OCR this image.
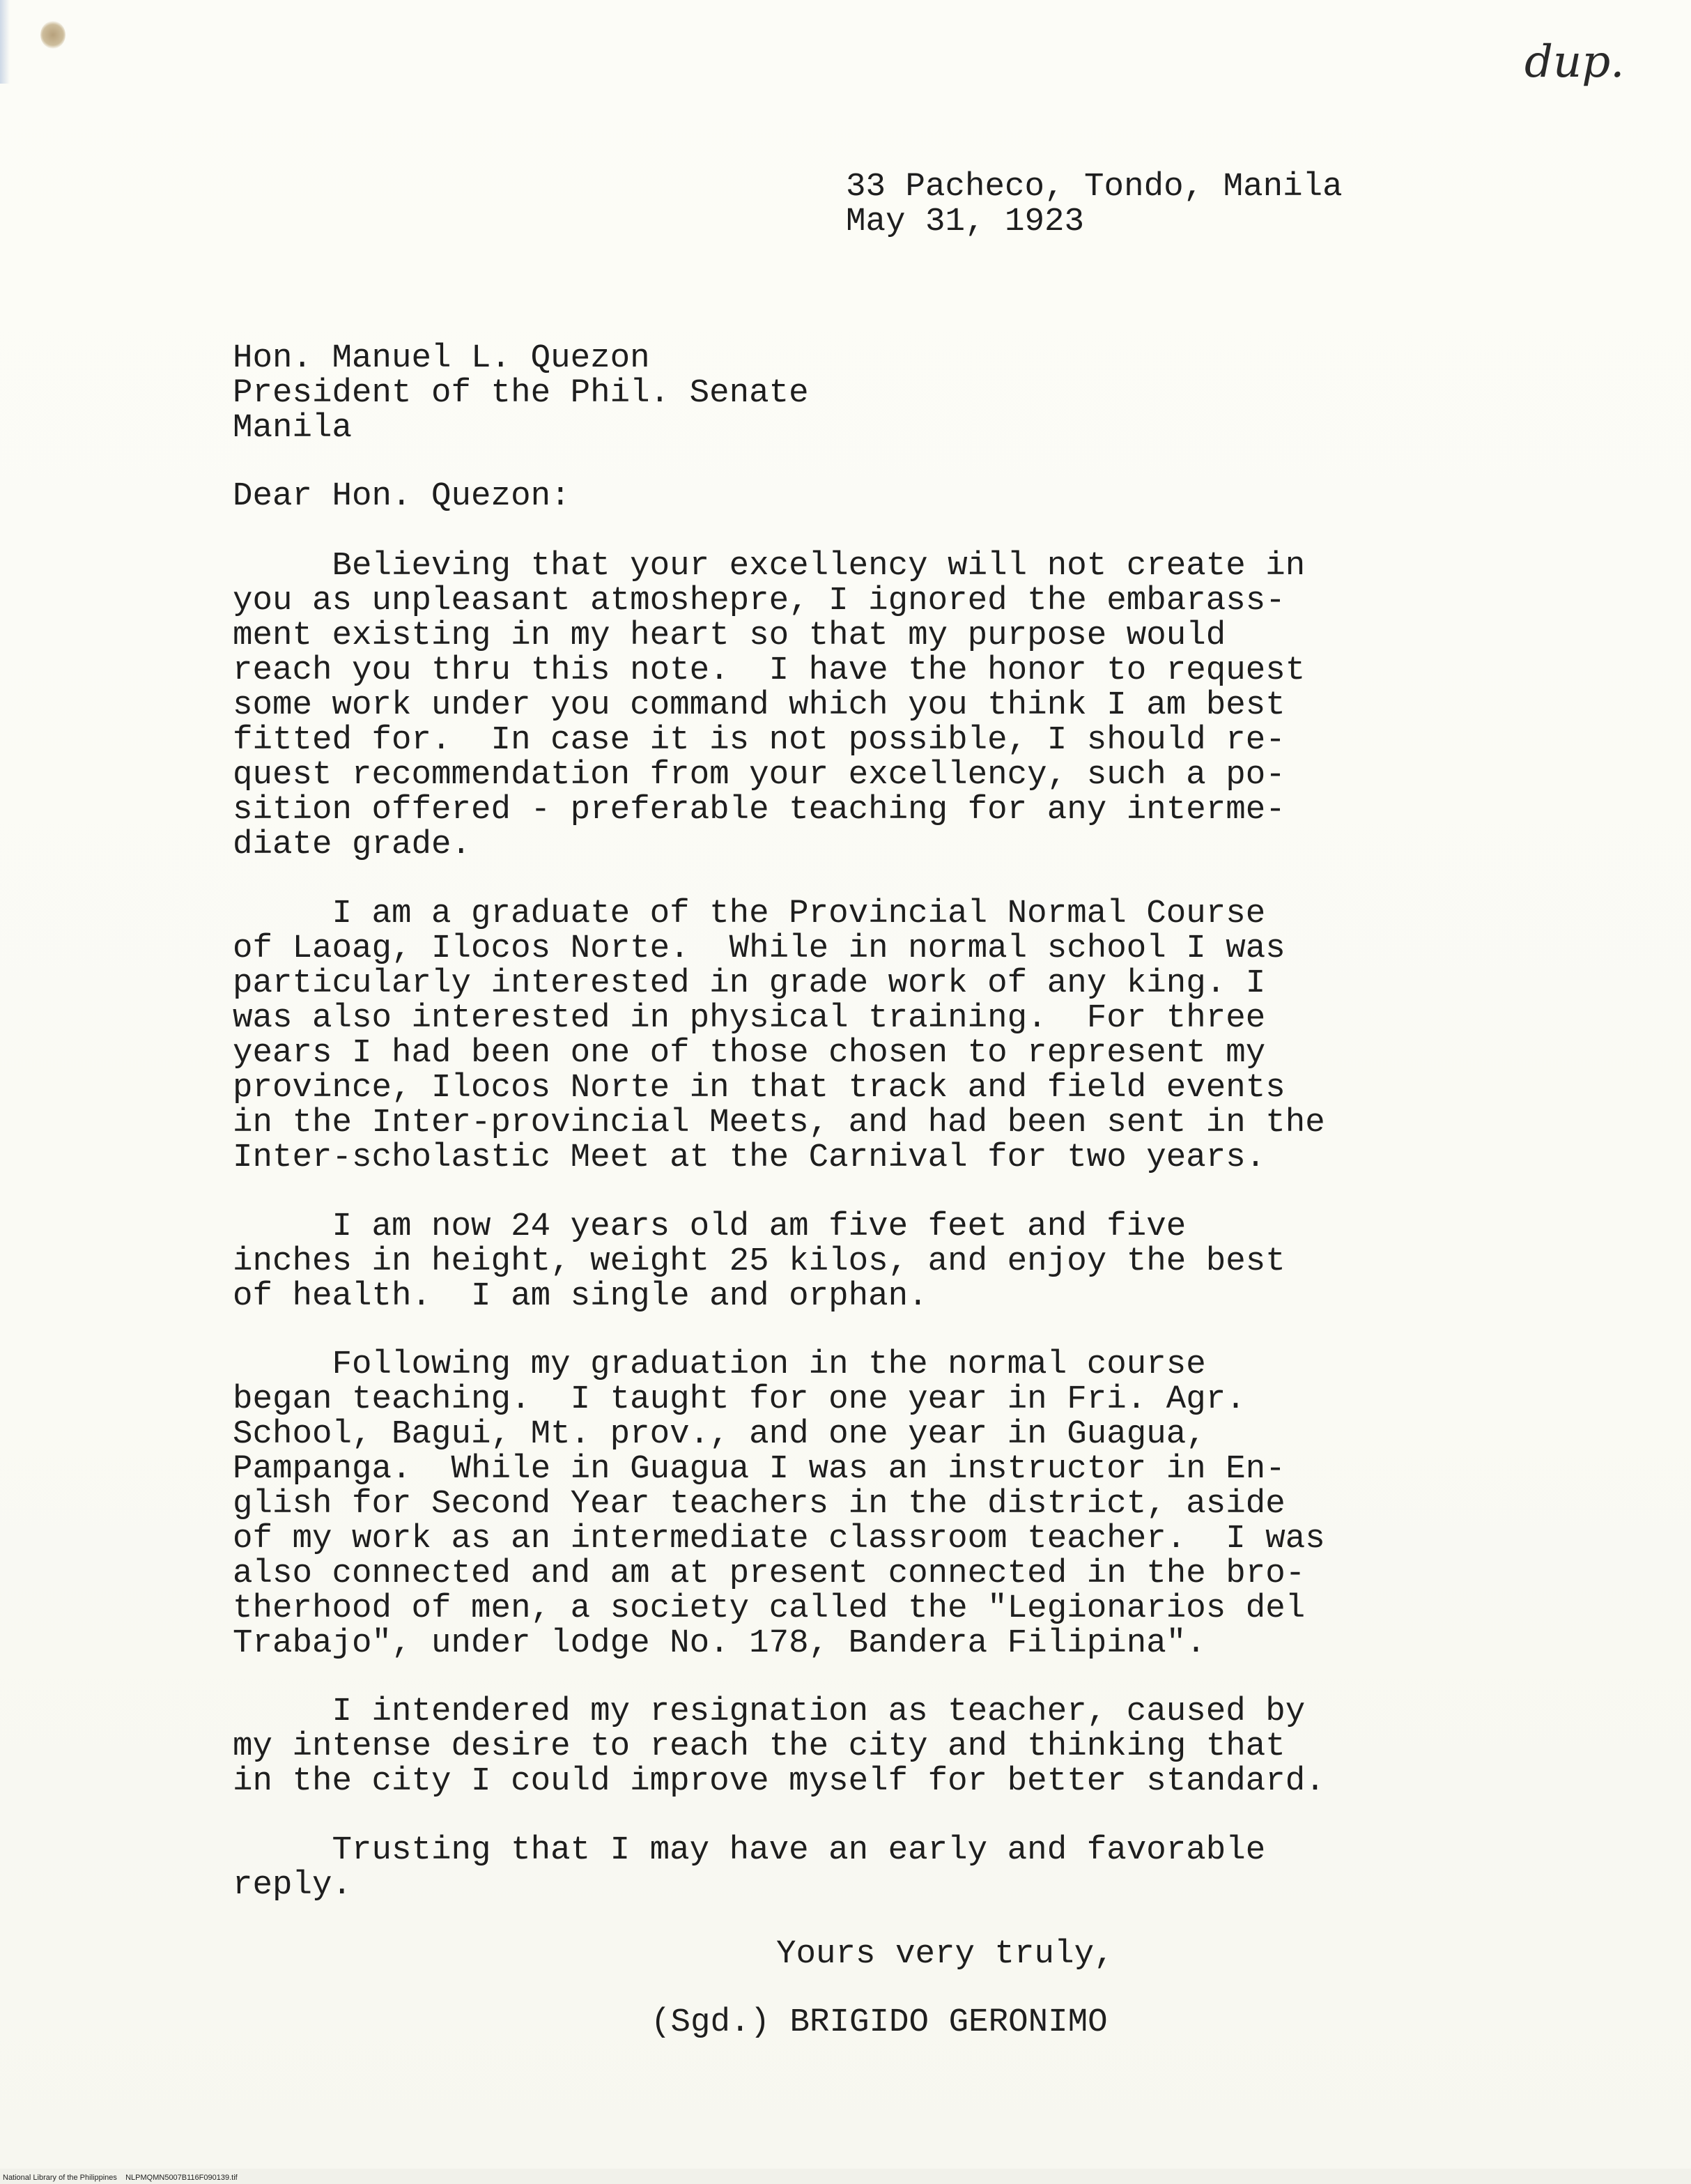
dup.
33 Pacheco, Tondo, Manila
May 31, 1923
Hon. Manuel L. Quezon
President of the Phil. Senate
Manila
Dear Hon. Quezon:
Believing that your excellency will not create in
you as unpleasant atmoshepre, I ignored the embarass-
ment existing in my heart so that my purpose would
reach you thru this note.  I have the honor to request
some work under you command which you think I am best
fitted for.  In case it is not possible, I should re-
quest recommendation from your excellency, such a po-
sition offered - preferable teaching for any interme-
diate grade.
I am a graduate of the Provincial Normal Course
of Laoag, Ilocos Norte.  While in normal school I was
particularly interested in grade work of any king. I
was also interested in physical training.  For three
years I had been one of those chosen to represent my
province, Ilocos Norte in that track and field events
in the Inter-provincial Meets, and had been sent in the
Inter-scholastic Meet at the Carnival for two years.
I am now 24 years old am five feet and five
inches in height, weight 25 kilos, and enjoy the best
of health.  I am single and orphan.
Following my graduation in the normal course
began teaching.  I taught for one year in Fri. Agr.
School, Bagui, Mt. prov., and one year in Guagua,
Pampanga.  While in Guagua I was an instructor in En-
glish for Second Year teachers in the district, aside
of my work as an intermediate classroom teacher.  I was
also connected and am at present connected in the bro-
therhood of men, a society called the "Legionarios del
Trabajo", under lodge No. 178, Bandera Filipina".
I intendered my resignation as teacher, caused by
my intense desire to reach the city and thinking that
in the city I could improve myself for better standard.
Trusting that I may have an early and favorable
reply.
Yours very truly,
(Sgd.) BRIGIDO GERONIMO
National Library of the Philippines    NLPMQMN5007B116F090139.tif
